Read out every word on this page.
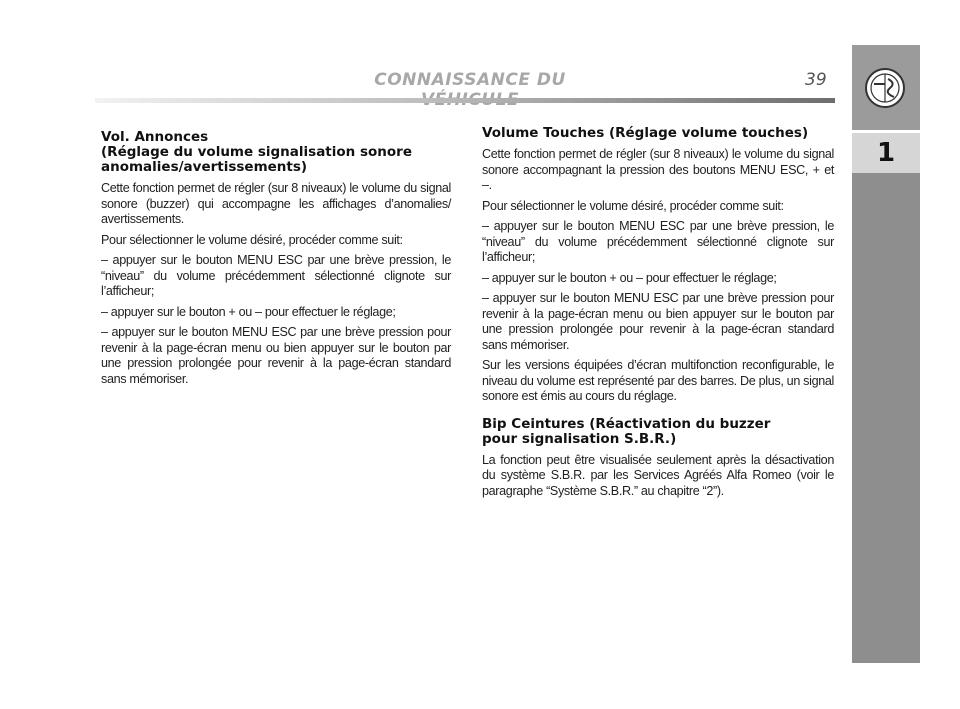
CONNAISSANCE DU	39
1
Vol. Annonces
(Réglage du volume signalisation sonore
anomalies/avertissements)

Cette fonction permet de régler (sur 8 niveaux) le volume du signal sonore (buzzer) qui accompagne les affichages d’anomalies/ avertissements.

Pour sélectionner le volume désiré, procéder comme suit:

– appuyer sur le bouton MENU ESC par une brève pression, le “niveau” du volume précédemment sélectionné clignote sur l’afficheur;

– appuyer sur le bouton + ou – pour effectuer le réglage;

– appuyer sur le bouton MENU ESC par une brève pression pour revenir à la page-écran menu ou bien appuyer sur le bouton par une pression prolongée pour revenir à la page-écran standard sans mémoriser.

Volume Touches (Réglage volume touches)

Cette fonction permet de régler (sur 8 niveaux) le volume du signal sonore accompagnant la pression des boutons MENU ESC, + et –.

Pour sélectionner le volume désiré, procéder comme suit:

– appuyer sur le bouton MENU ESC par une brève pression, le “niveau” du volume précédemment sélectionné clignote sur l’afficheur;

– appuyer sur le bouton + ou – pour effectuer le réglage;

– appuyer sur le bouton MENU ESC par une brève pression pour revenir à la page-écran menu ou bien appuyer sur le bouton par une pression prolongée pour revenir à la page-écran standard sans mémoriser.

Sur les versions équipées d’écran multifonction reconfigurable, le niveau du volume est représenté par des barres. De plus, un signal sonore est émis au cours du réglage.

Bip Ceintures (Réactivation du buzzer
pour signalisation S.B.R.)

La fonction peut être visualisée seulement après la désactivation du système S.B.R. par les Services Agréés Alfa Romeo (voir le paragraphe “Système S.B.R.” au chapitre “2”).
